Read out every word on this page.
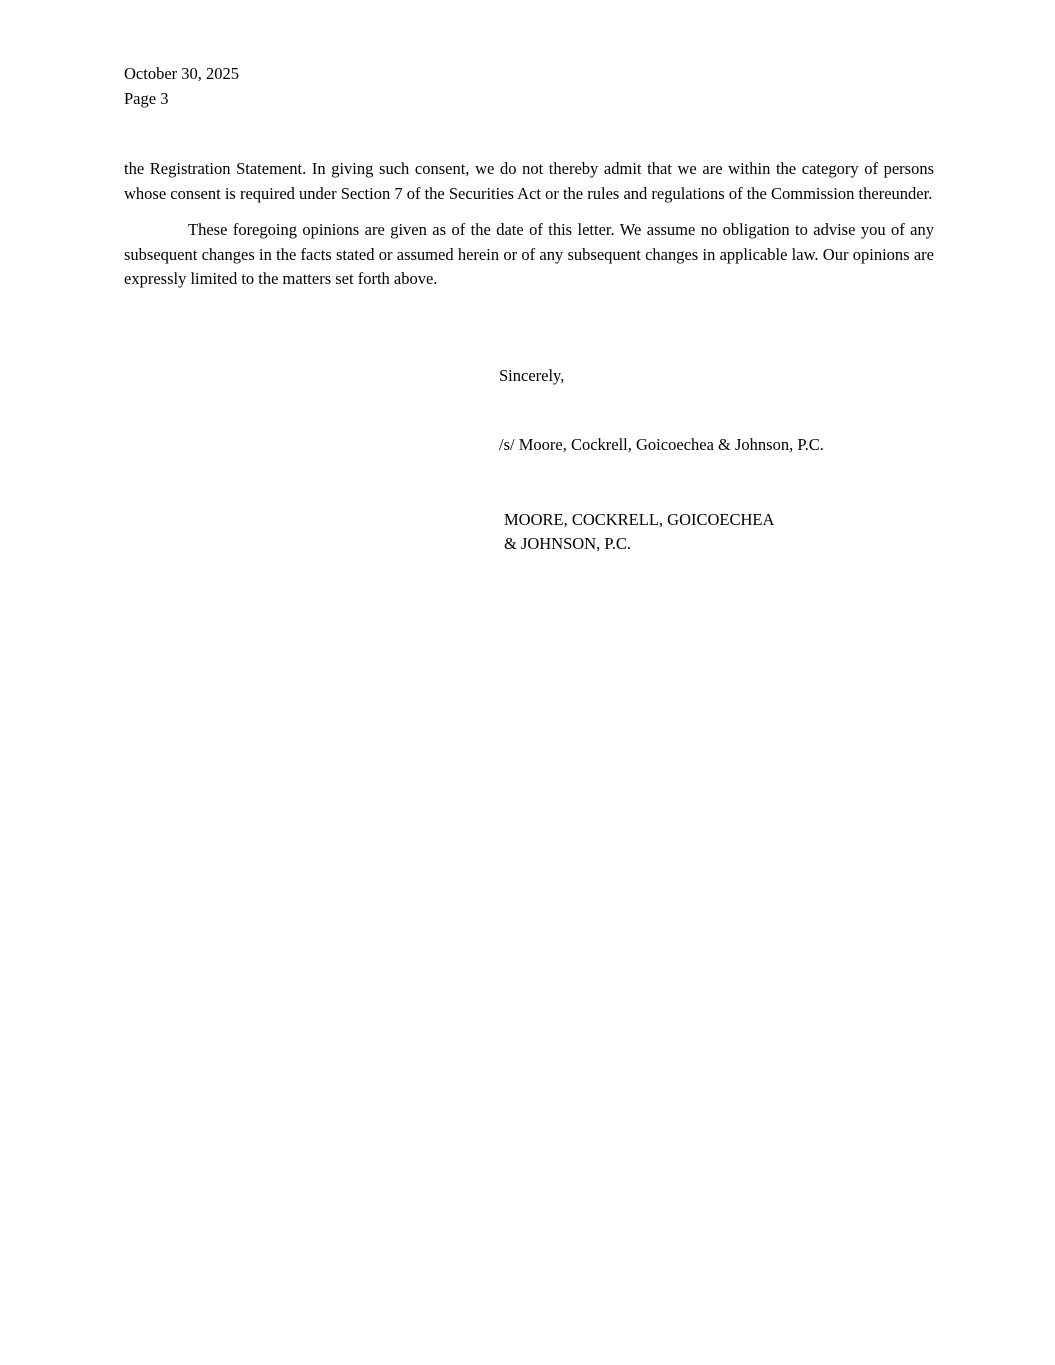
October 30, 2025
Page 3

the Registration Statement. In giving such consent, we do not thereby admit that we are within the category of persons whose consent is required under Section 7 of the Securities Act or the rules and regulations of the Commission thereunder.

These foregoing opinions are given as of the date of this letter. We assume no obligation to advise you of any subsequent changes in the facts stated or assumed herein or of any subsequent changes in applicable law. Our opinions are expressly limited to the matters set forth above.

Sincerely,
/s/ Moore, Cockrell, Goicoechea & Johnson, P.C.
MOORE, COCKRELL, GOICOECHEA
& JOHNSON, P.C.
